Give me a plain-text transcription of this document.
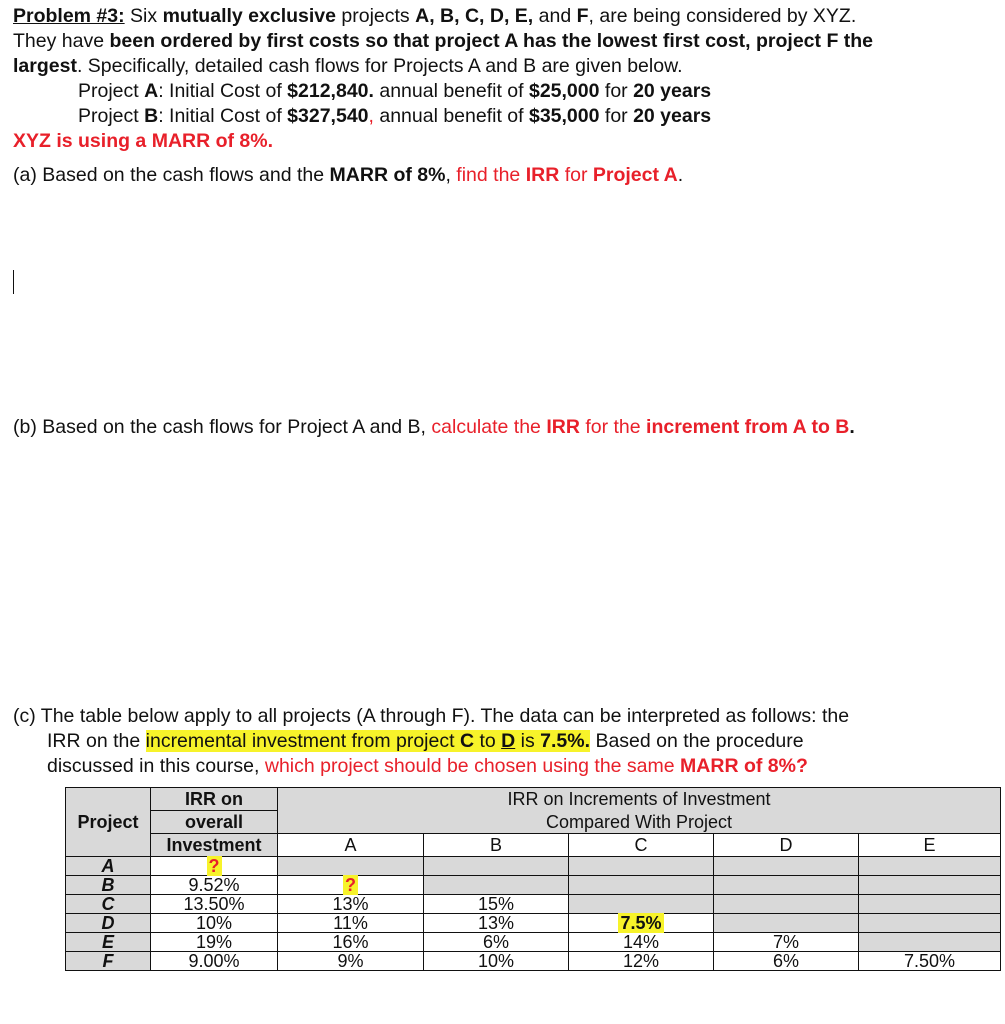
Problem #3: Six mutually exclusive projects A, B, C, D, E, and F, are being considered by XYZ.
They have been ordered by first costs so that project A has the lowest first cost, project F the
largest. Specifically, detailed cash flows for Projects A and B are given below.
Project A: Initial Cost of $212,840. annual benefit of $25,000 for 20 years
Project B: Initial Cost of $327,540, annual benefit of $35,000 for 20 years
XYZ is using a MARR of 8%.
(a) Based on the cash flows and the MARR of 8%, find the IRR for Project A.
(b) Based on the cash flows for Project A and B, calculate the IRR for the increment from A to B.
(c) The table below apply to all projects (A through F). The data can be interpreted as follows: the
IRR on the incremental investment from project C to D is 7.5%. Based on the procedure
discussed in this course, which project should be chosen using the same MARR of 8%?
Project	IRR on	IRR on Increments of Investment				
	overall	Compared With Project				
	Investment	A	B	C	D	E
A	?					
B	9.52%	?				
C	13.50%	13%	15%			
D	10%	11%	13%	7.5%		
E	19%	16%	6%	14%	7%	
F	9.00%	9%	10%	12%	6%	7.50%
